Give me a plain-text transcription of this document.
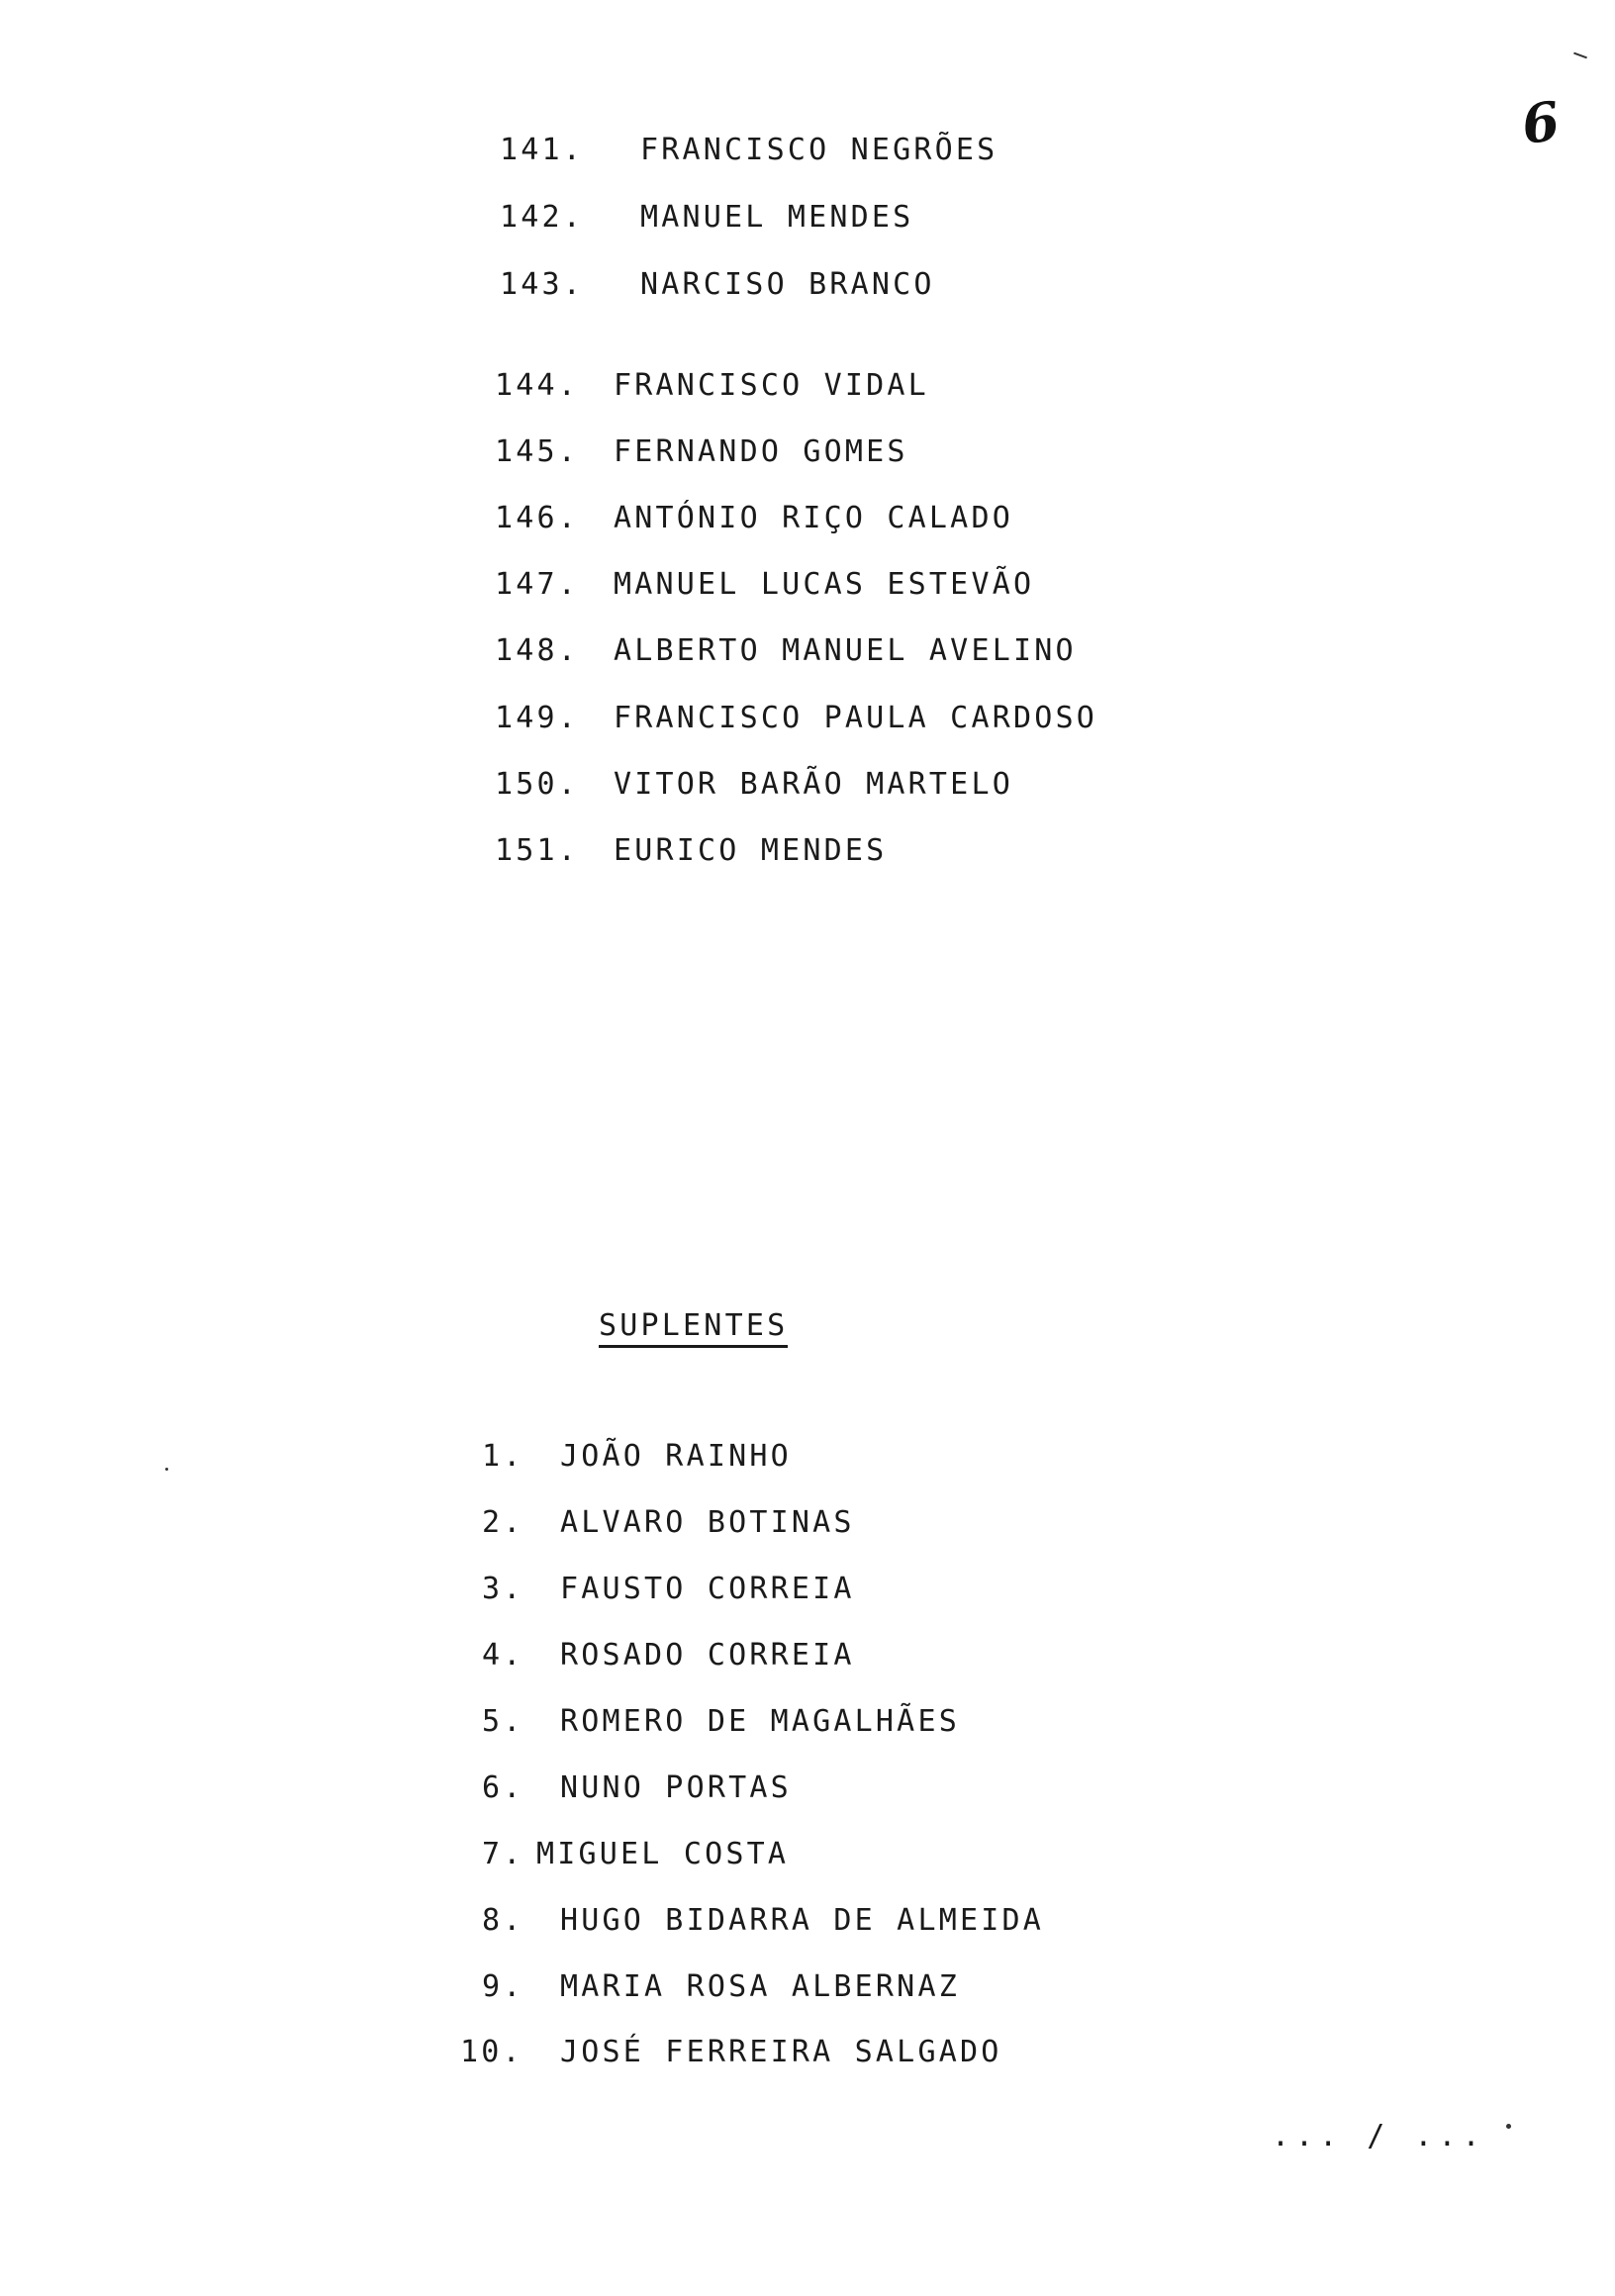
6
141. FRANCISCO NEGRÕES
142. MANUEL MENDES
143. NARCISO BRANCO
144. FRANCISCO VIDAL
145. FERNANDO GOMES
146. ANTÓNIO RIÇO CALADO
147. MANUEL LUCAS ESTEVÃO
148. ALBERTO MANUEL AVELINO
149. FRANCISCO PAULA CARDOSO
150. VITOR BARÃO MARTELO
151. EURICO MENDES
SUPLENTES
1. JOÃO RAINHO
2. ALVARO BOTINAS
3. FAUSTO CORREIA
4. ROSADO CORREIA
5. ROMERO DE MAGALHÃES
6. NUNO PORTAS
7. MIGUEL COSTA
8. HUGO BIDARRA DE ALMEIDA
9. MARIA ROSA ALBERNAZ
10. JOSÉ FERREIRA SALGADO
... / ...
